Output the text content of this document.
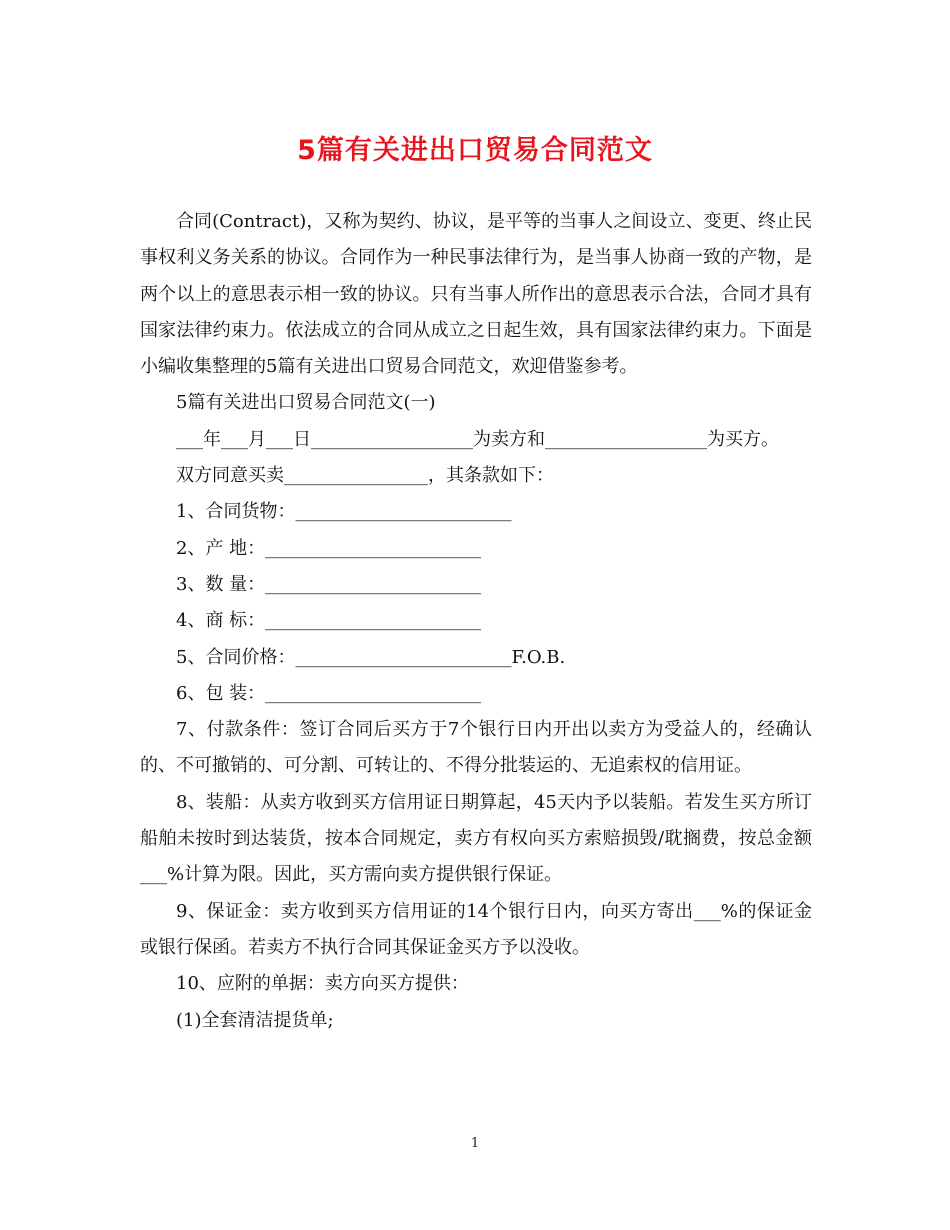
5篇有关进出口贸易合同范文

合同(Contract)，又称为契约、协议，是平等的当事人之间设立、变更、终止民事权利义务关系的协议。合同作为一种民事法律行为，是当事人协商一致的产物，是两个以上的意思表示相一致的协议。只有当事人所作出的意思表示合法，合同才具有国家法律约束力。依法成立的合同从成立之日起生效，具有国家法律约束力。下面是小编收集整理的5篇有关进出口贸易合同范文，欢迎借鉴参考。

5篇有关进出口贸易合同范文(一)

___年___月___日__________________为卖方和__________________为买方。

双方同意买卖________________，其条款如下：

1、合同货物：________________________

2、产 地：________________________

3、数 量：________________________

4、商 标：________________________

5、合同价格：________________________F.O.B.

6、包 装：________________________

7、付款条件：签订合同后买方于7个银行日内开出以卖方为受益人的，经确认的、不可撤销的、可分割、可转让的、不得分批装运的、无追索权的信用证。

8、装船：从卖方收到买方信用证日期算起，45天内予以装船。若发生买方所订船舶未按时到达装货，按本合同规定，卖方有权向买方索赔损毁/耽搁费，按总金额___%计算为限。因此，买方需向卖方提供银行保证。

9、保证金：卖方收到买方信用证的14个银行日内，向买方寄出___%的保证金或银行保函。若卖方不执行合同其保证金买方予以没收。

10、应附的单据：卖方向买方提供：

(1)全套清洁提货单;

1
